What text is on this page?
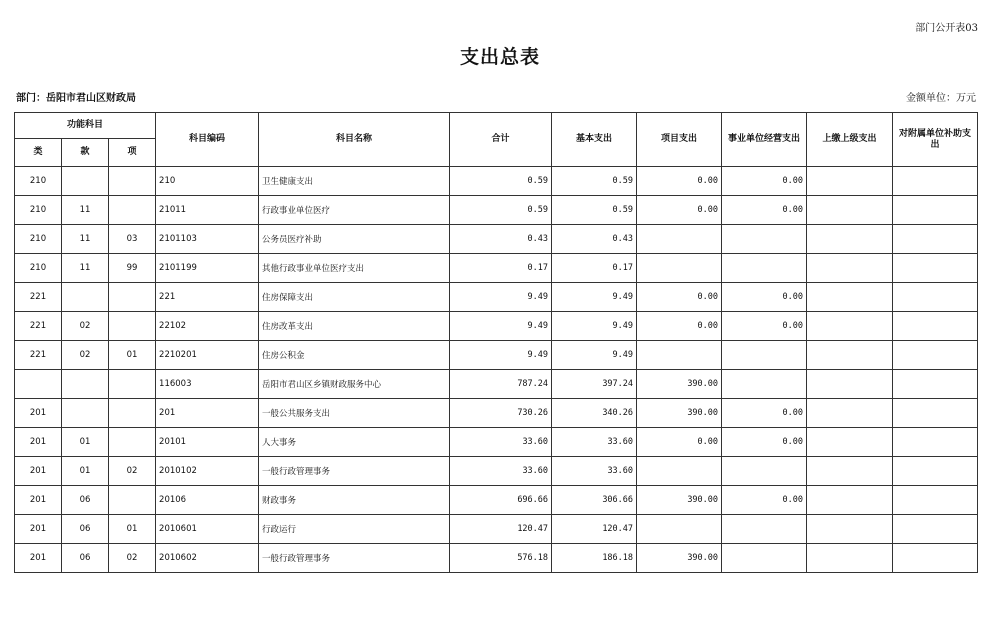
部门公开表03
支出总表
部门：岳阳市君山区财政局	金额单位：万元
功能科目			科目编码	科目名称	合计	基本支出	项目支出	事业单位经营支出	上缴上级支出	对附属单位补助支出
类	款	项								
210			210	卫生健康支出	0.59	0.59	0.00	0.00		
210	11		21011	行政事业单位医疗	0.59	0.59	0.00	0.00		
210	11	03	2101103	公务员医疗补助	0.43	0.43				
210	11	99	2101199	其他行政事业单位医疗支出	0.17	0.17				
221			221	住房保障支出	9.49	9.49	0.00	0.00		
221	02		22102	住房改革支出	9.49	9.49	0.00	0.00		
221	02	01	2210201	住房公积金	9.49	9.49				
			116003	岳阳市君山区乡镇财政服务中心	787.24	397.24	390.00			
201			201	一般公共服务支出	730.26	340.26	390.00	0.00		
201	01		20101	人大事务	33.60	33.60	0.00	0.00		
201	01	02	2010102	一般行政管理事务	33.60	33.60				
201	06		20106	财政事务	696.66	306.66	390.00	0.00		
201	06	01	2010601	行政运行	120.47	120.47				
201	06	02	2010602	一般行政管理事务	576.18	186.18	390.00			
